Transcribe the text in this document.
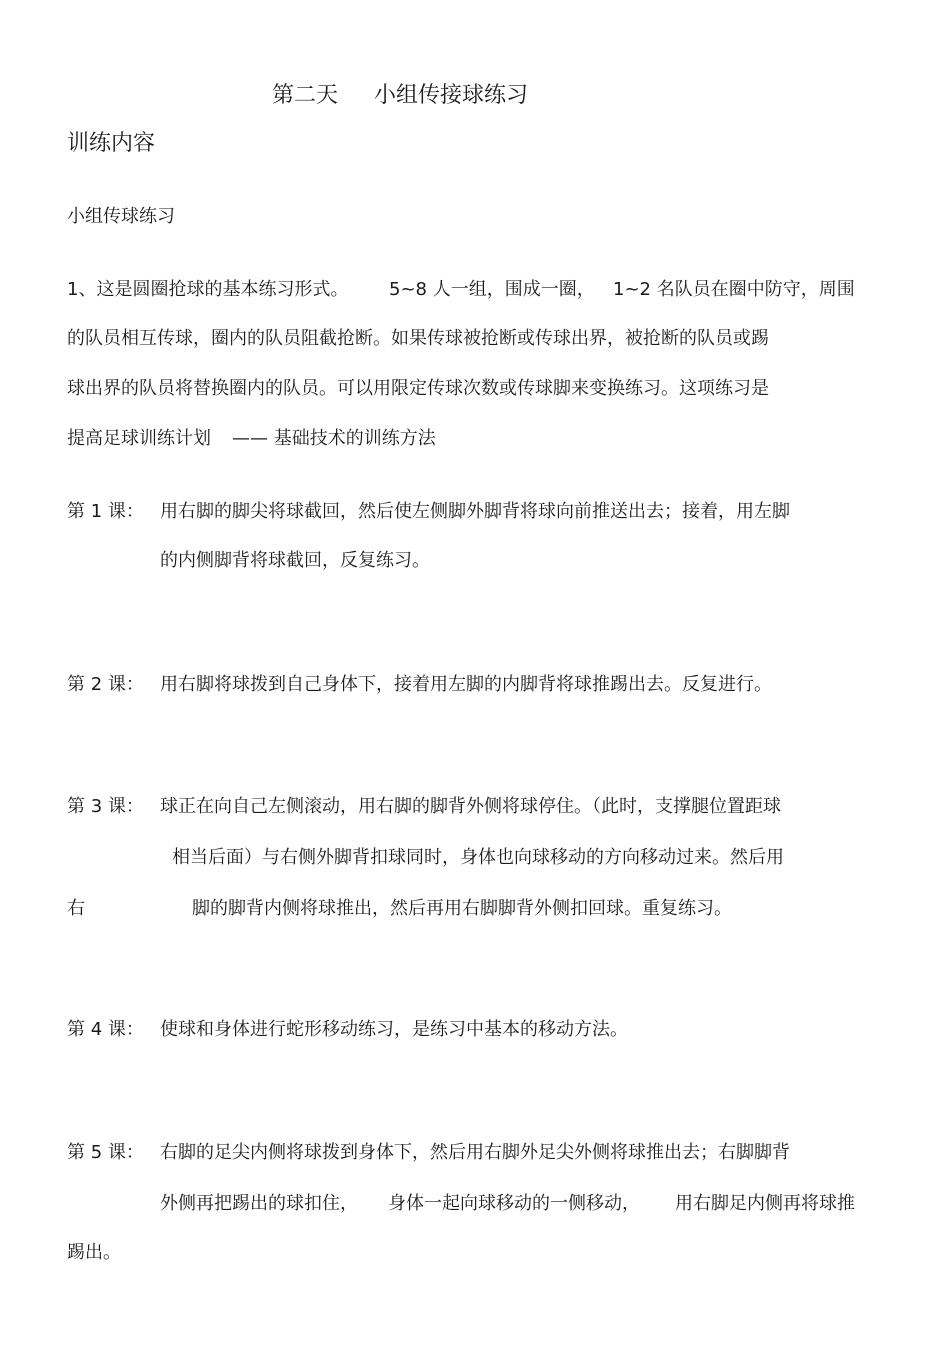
第二天 小组传接球练习
训练内容
小组传球练习
1、这是圆圈抢球的基本练习形式。 5~8 人一组，围成一圈， 1~2 名队员在圈中防守，周围
的队员相互传球，圈内的队员阻截抢断。如果传球被抢断或传球出界，被抢断的队员或踢
球出界的队员将替换圈内的队员。可以用限定传球次数或传球脚来变换练习。这项练习是
提高足球训练计划 —— 基础技术的训练方法
第 1 课： 用右脚的脚尖将球截回，然后使左侧脚外脚背将球向前推送出去；接着，用左脚
的内侧脚背将球截回，反复练习。
第 2 课： 用右脚将球拨到自己身体下，接着用左脚的内脚背将球推踢出去。反复进行。
第 3 课： 球正在向自己左侧滚动，用右脚的脚背外侧将球停住。（此时，支撑腿位置距球
相当后面）与右侧外脚背扣球同时，身体也向球移动的方向移动过来。然后用
右	脚的脚背内侧将球推出，然后再用右脚脚背外侧扣回球。重复练习。
第 4 课： 使球和身体进行蛇形移动练习，是练习中基本的移动方法。
第 5 课： 右脚的足尖内侧将球拨到身体下，然后用右脚外足尖外侧将球推出去；右脚脚背
外侧再把踢出的球扣住， 身体一起向球移动的一侧移动， 用右脚足内侧再将球推
踢出。
